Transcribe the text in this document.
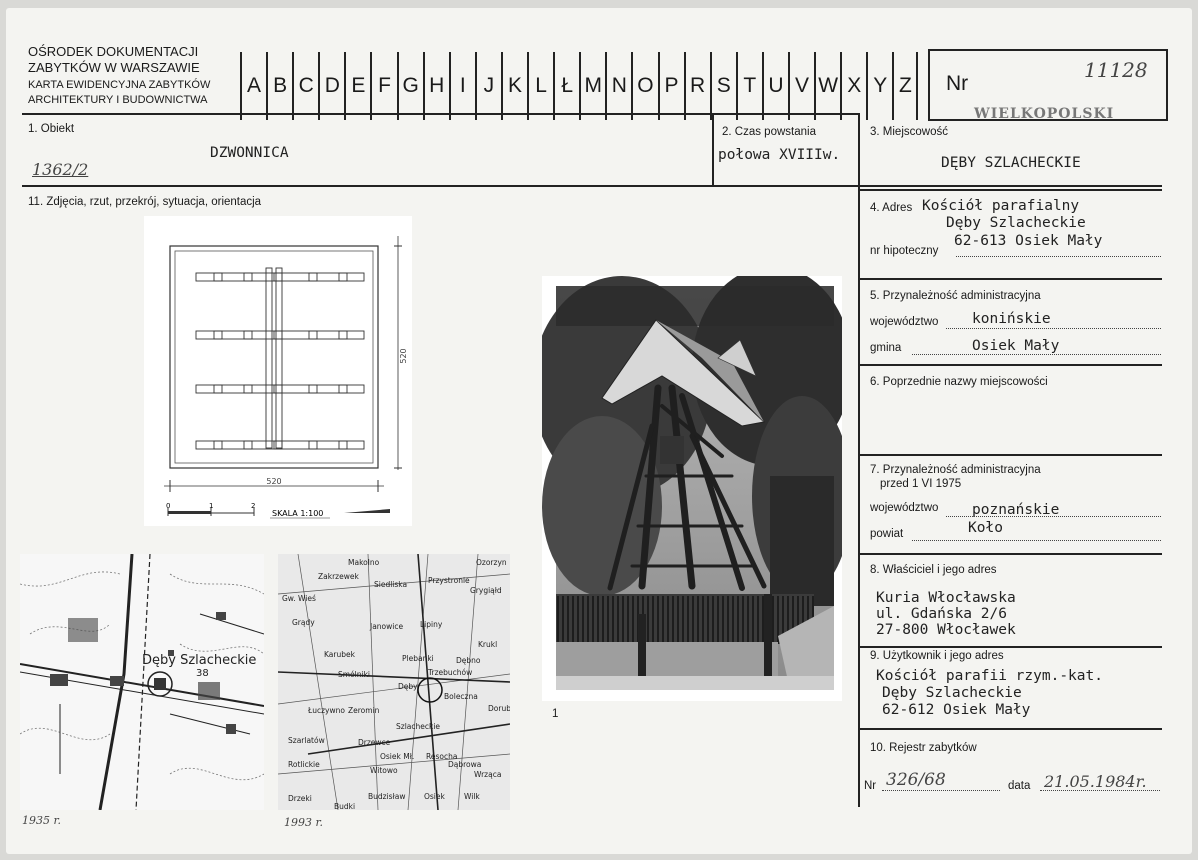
OŚRODEK DOKUMENTACJI
ZABYTKÓW W WARSZAWIE
KARTA EWIDENCYJNA ZABYTKÓW
ARCHITEKTURY I BUDOWNICTWA
A B C D E F G H I J K L Ł M N O P R S T U V W X Y Z	Nr
11128
WIELKOPOLSKI
1. Obiekt
DZWONNICA
1362/2
2. Czas powstania
połowa XVIIIw.
3. Miejscowość
DĘBY SZLACHECKIE
4. Adres Kościół parafialny
Dęby Szlacheckie
62-613 Osiek Mały
nr hipoteczny
5. Przynależność administracyjna
województwo konińskie
gmina	Osiek Mały
6. Poprzednie nazwy miejscowości
7. Przynależność administracyjna
przed 1 VI 1975
województwo poznańskie
Koło
powiat
8. Właściciel i jego adres
Kuria Włocławska
ul. Gdańska 2/6
27-800 Włocławek
9. Użytkownik i jego adres
Kościół parafii rzym.-kat.
Dęby Szlacheckie
62-612 Osiek Mały
10. Rejestr zabytków
Nr 326/68	data 21.05.1984r.
11. Zdjęcia, rzut, przekrój, sytuacja, orientacja
520
520
0	1	2
SKALA 1:100
1
Dęby Szlacheckie
38
1935 r.
Makolno
Zakrzewek
Ozorzyn
Siedliska	Przystronie
Grygiąłd
Gw. Wieś
Grądy	Janowice Lipiny
Krukl
Karubek	Plebanki	Dębno
Smólniki	Trzebuchów
Dęby
Boleczna
Dorub
Łuczywno Zeromin
Szlacheckie
Szarlatów	Drzewce
Osiek Mł. Resocha
Rotlickie
Witowo	Wrząca
Dąbrowa
Drzeki	Budzisław Osiek
Budki
Wilk
1993 r.
